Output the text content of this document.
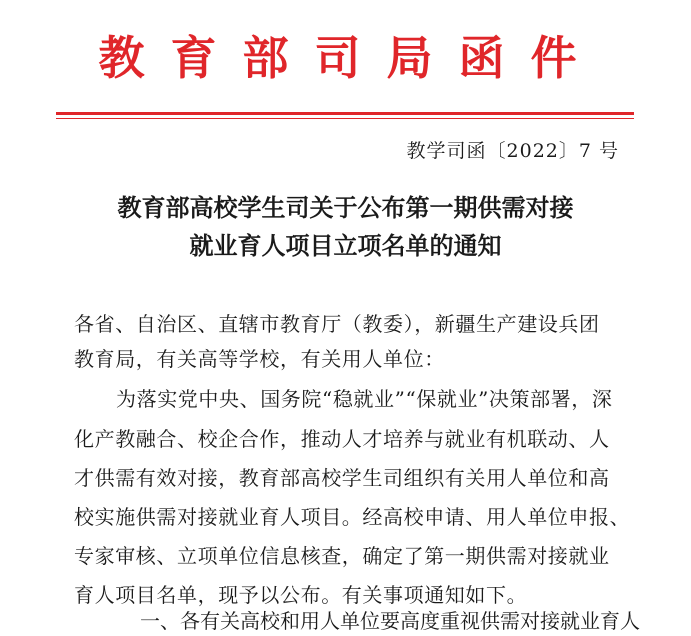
教育部司局函件
教学司函〔2022〕7 号
教育部高校学生司关于公布第一期供需对接
就业育人项目立项名单的通知
各省、自治区、直辖市教育厅（教委），新疆生产建设兵团
教育局，有关高等学校，有关用人单位：
为落实党中央、国务院“稳就业”“保就业”决策部署，深
化产教融合、校企合作，推动人才培养与就业有机联动、人
才供需有效对接，教育部高校学生司组织有关用人单位和高
校实施供需对接就业育人项目。经高校申请、用人单位申报、
专家审核、立项单位信息核查，确定了第一期供需对接就业
育人项目名单，现予以公布。有关事项通知如下。
一、各有关高校和用人单位要高度重视供需对接就业育人
